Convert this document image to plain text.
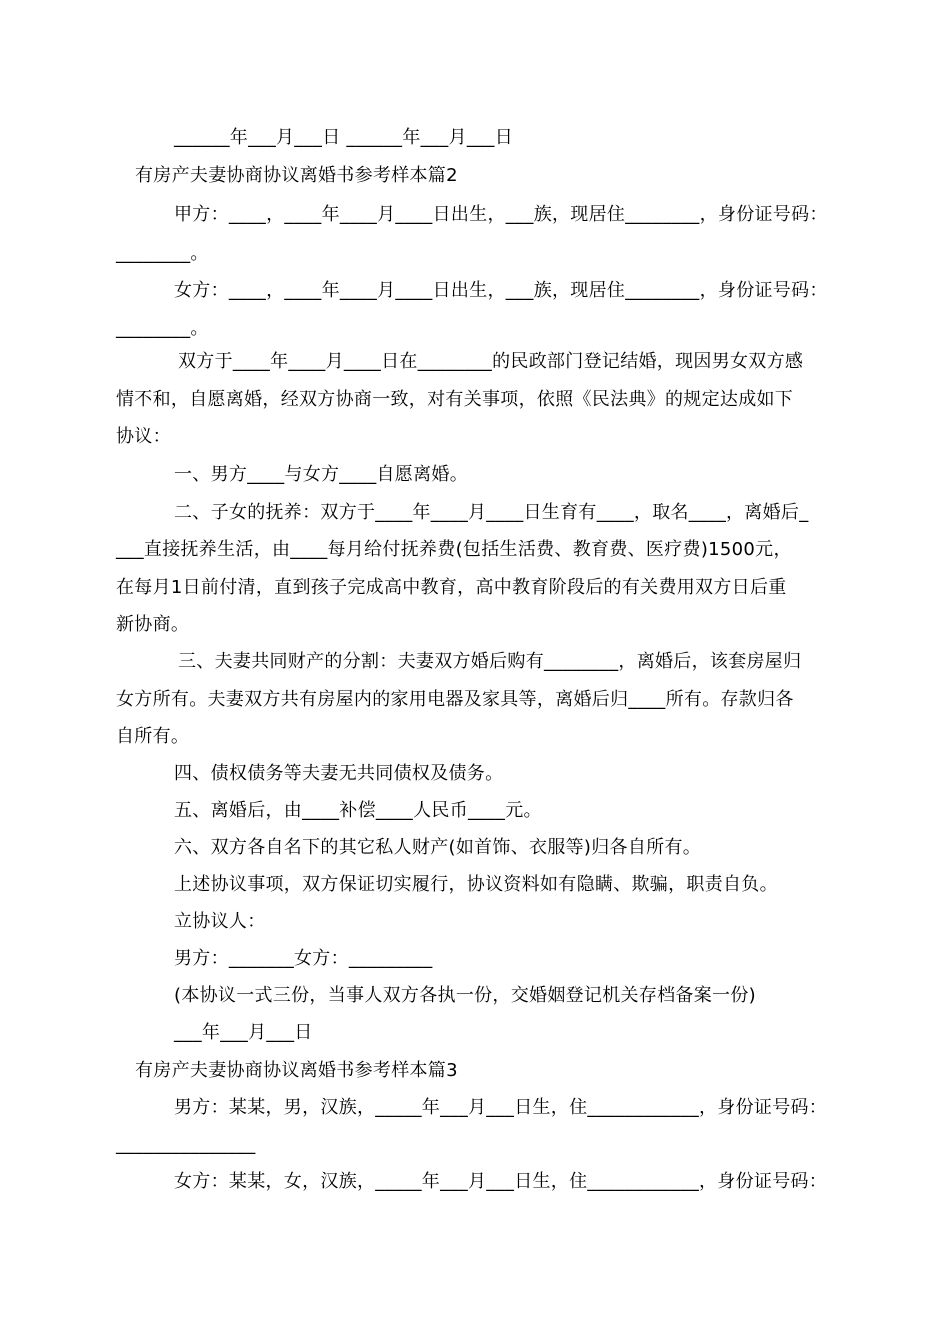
______年___月___日 ______年___月___日
有房产夫妻协商协议离婚书参考样本篇2
甲方：____，____年____月____日出生，___族，现居住________，身份证号码：
________。
女方：____，____年____月____日出生，___族，现居住________，身份证号码：
________。
双方于____年____月____日在________的民政部门登记结婚，现因男女双方感
情不和，自愿离婚，经双方协商一致，对有关事项，依照《民法典》的规定达成如下
协议：
一、男方____与女方____自愿离婚。
二、子女的抚养：双方于____年____月____日生育有____，取名____，离婚后_
___直接抚养生活，由____每月给付抚养费(包括生活费、教育费、医疗费)1500元，
在每月1日前付清，直到孩子完成高中教育，高中教育阶段后的有关费用双方日后重
新协商。
三、夫妻共同财产的分割：夫妻双方婚后购有________，离婚后，该套房屋归
女方所有。夫妻双方共有房屋内的家用电器及家具等，离婚后归____所有。存款归各
自所有。
四、债权债务等夫妻无共同债权及债务。
五、离婚后，由____补偿____人民币____元。
六、双方各自名下的其它私人财产(如首饰、衣服等)归各自所有。
上述协议事项，双方保证切实履行，协议资料如有隐瞒、欺骗，职责自负。
立协议人：
男方：_______女方：_________
(本协议一式三份，当事人双方各执一份，交婚姻登记机关存档备案一份)
___年___月___日
有房产夫妻协商协议离婚书参考样本篇3
男方：某某，男，汉族，_____年___月___日生，住____________，身份证号码：
_______________
女方：某某，女，汉族，_____年___月___日生，住____________，身份证号码：
